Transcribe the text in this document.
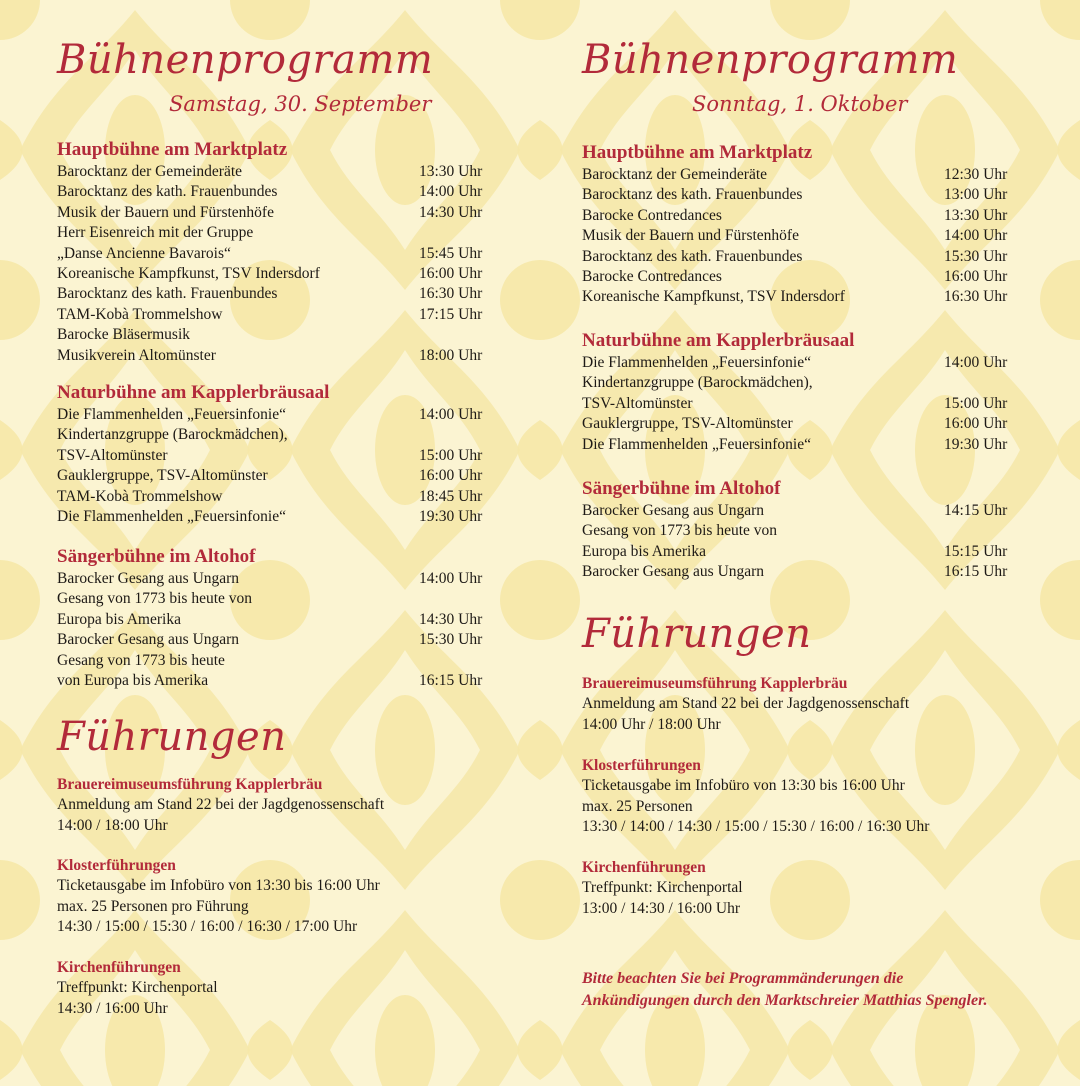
Bühnenprogramm
Samstag, 30. September
Hauptbühne am Marktplatz
Barocktanz der Gemeinderäte	13:30 Uhr
Barocktanz des kath. Frauenbundes	14:00 Uhr
Musik der Bauern und Fürstenhöfe	14:30 Uhr
Herr Eisenreich mit der Gruppe
„Danse Ancienne Bavarois“	15:45 Uhr
Koreanische Kampfkunst, TSV Indersdorf	16:00 Uhr
Barocktanz des kath. Frauenbundes	16:30 Uhr
TAM-Kobà Trommelshow	17:15 Uhr
Barocke Bläsermusik
Musikverein Altomünster	18:00 Uhr
Naturbühne am Kapplerbräusaal
Die Flammenhelden „Feuersinfonie“	14:00 Uhr
Kindertanzgruppe (Barockmädchen),
TSV-Altomünster	15:00 Uhr
Gauklergruppe, TSV-Altomünster	16:00 Uhr
TAM-Kobà Trommelshow	18:45 Uhr
Die Flammenhelden „Feuersinfonie“	19:30 Uhr
Sängerbühne im Altohof
Barocker Gesang aus Ungarn	14:00 Uhr
Gesang von 1773 bis heute von
Europa bis Amerika	14:30 Uhr
Barocker Gesang aus Ungarn	15:30 Uhr
Gesang von 1773 bis heute
von Europa bis Amerika	16:15 Uhr
Führungen
Brauereimuseumsführung Kapplerbräu
Anmeldung am Stand 22 bei der Jagdgenossenschaft
14:00 / 18:00 Uhr
Klosterführungen
Ticketausgabe im Infobüro von 13:30 bis 16:00 Uhr
max. 25 Personen pro Führung
14:30 / 15:00 / 15:30 / 16:00 / 16:30 / 17:00 Uhr
Kirchenführungen
Treffpunkt: Kirchenportal
14:30 / 16:00 Uhr
Bühnenprogramm
Sonntag, 1. Oktober
Hauptbühne am Marktplatz
Barocktanz der Gemeinderäte	12:30 Uhr
Barocktanz des kath. Frauenbundes	13:00 Uhr
Barocke Contredances	13:30 Uhr
Musik der Bauern und Fürstenhöfe	14:00 Uhr
Barocktanz des kath. Frauenbundes	15:30 Uhr
Barocke Contredances	16:00 Uhr
Koreanische Kampfkunst, TSV Indersdorf	16:30 Uhr
Naturbühne am Kapplerbräusaal
Die Flammenhelden „Feuersinfonie“	14:00 Uhr
Kindertanzgruppe (Barockmädchen),
TSV-Altomünster	15:00 Uhr
Gauklergruppe, TSV-Altomünster	16:00 Uhr
Die Flammenhelden „Feuersinfonie“	19:30 Uhr
Sängerbühne im Altohof
Barocker Gesang aus Ungarn	14:15 Uhr
Gesang von 1773 bis heute von
Europa bis Amerika	15:15 Uhr
Barocker Gesang aus Ungarn	16:15 Uhr
Führungen
Brauereimuseumsführung Kapplerbräu
Anmeldung am Stand 22 bei der Jagdgenossenschaft
14:00 Uhr / 18:00 Uhr
Klosterführungen
Ticketausgabe im Infobüro von 13:30 bis 16:00 Uhr
max. 25 Personen
13:30 / 14:00 / 14:30 / 15:00 / 15:30 / 16:00 / 16:30 Uhr
Kirchenführungen
Treffpunkt: Kirchenportal
13:00 / 14:30 / 16:00 Uhr
Bitte beachten Sie bei Programmänderungen die Ankündigungen durch den Marktschreier Matthias Spengler.
